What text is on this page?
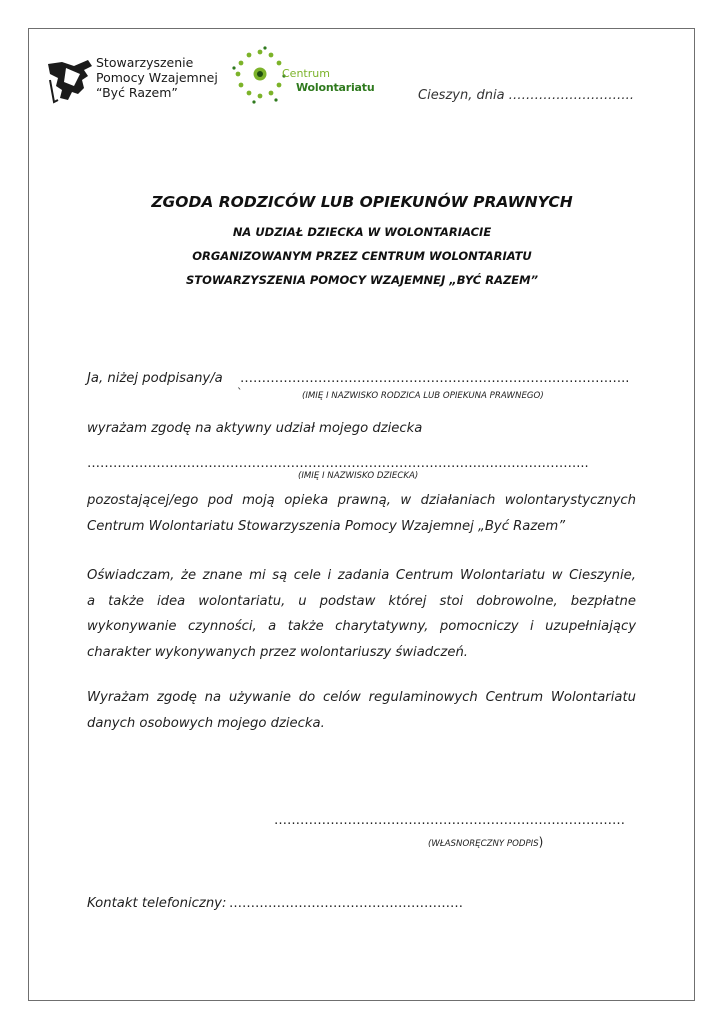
Stowarzyszenie
Pomocy Wzajemnej
“Być Razem”
Centrum
Wolontariatu
Cieszyn, dnia ………………………..
ZGODA RODZICÓW LUB OPIEKUNÓW PRAWNYCH
NA UDZIAŁ DZIECKA W WOLONTARIACIE
ORGANIZOWANYM PRZEZ CENTRUM WOLONTARIATU
STOWARZYSZENIA POMOCY WZAJEMNEJ „BYĆ RAZEM”
Ja, niżej podpisany/a ……………………………………………………………….……………..
`	(IMIĘ I NAZWISKO RODZICA LUB OPIEKUNA PRAWNEGO)
wyrażam zgodę na aktywny udział mojego dziecka
………………………………………………………………………………..…………………...
(IMIĘ I NAZWISKO DZIECKA)
pozostającej/ego pod moją opieka prawną, w działaniach wolontarystycznych
Centrum Wolontariatu Stowarzyszenia Pomocy Wzajemnej „Być Razem”
Oświadczam, że znane mi są cele i zadania Centrum Wolontariatu w Cieszynie,
a także idea wolontariatu, u podstaw której stoi dobrowolne, bezpłatne
wykonywanie czynności, a także charytatywny, pomocniczy i uzupełniający
charakter wykonywanych przez wolontariuszy świadczeń.
Wyrażam zgodę na używanie do celów regulaminowych Centrum Wolontariatu
danych osobowych mojego dziecka.
………………………………………………………………………
(WŁASNORĘCZNY PODPIS)
Kontakt telefoniczny: ………………………………………………
